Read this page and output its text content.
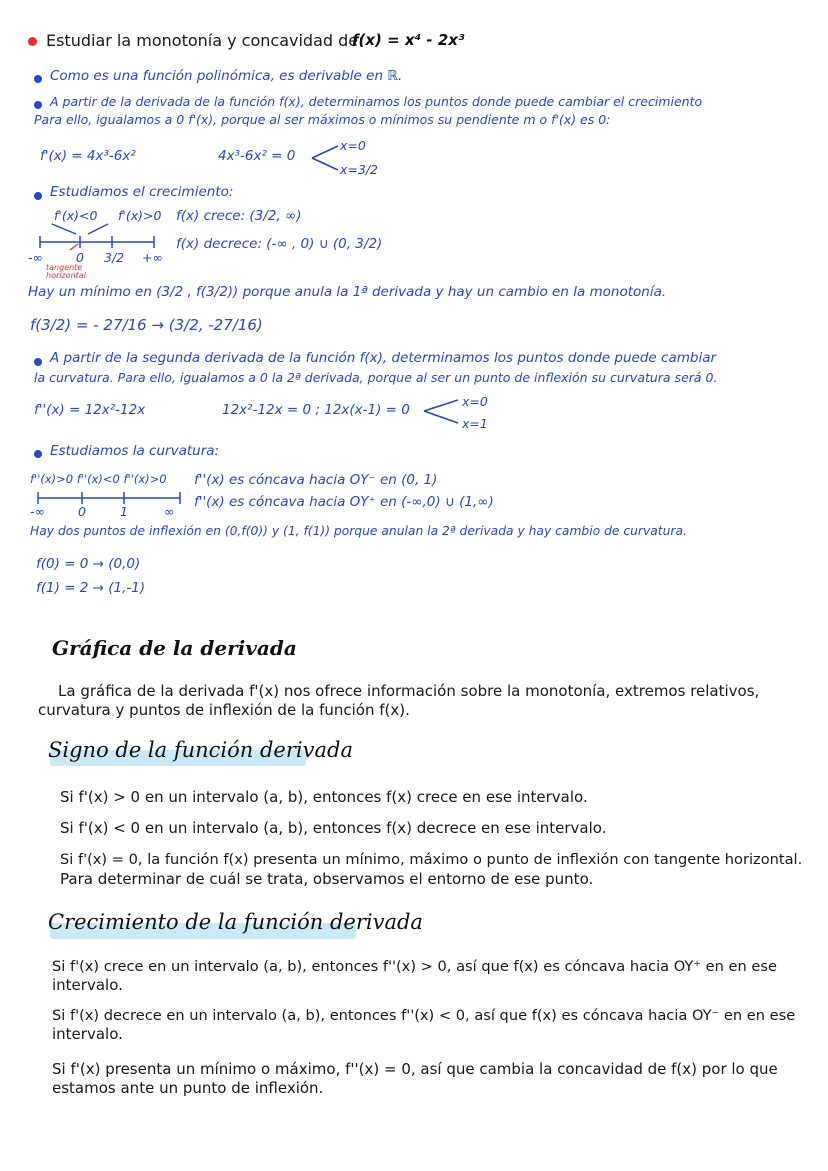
Estudiar la monotonía y concavidad de:
f(x) = x⁴ - 2x³
Como es una función polinómica, es derivable en ℝ.
A partir de la derivada de la función f(x), determinamos los puntos donde puede cambiar el crecimiento
Para ello, igualamos a 0 f'(x), porque al ser máximos o mínimos su pendiente m o f'(x) es 0:
f'(x) = 4x³-6x²	4x³-6x² = 0
x=0
x=3/2
Estudiamos el crecimiento:
f'(x)<0 f'(x)>0 f(x) crece: (3/2, ∞)
f(x) decrece: (-∞ , 0) ∪ (0, 3/2)
-∞	0 3/2 +∞
tangente horizontal
Hay un mínimo en (3/2 , f(3/2)) porque anula la 1ª derivada y hay un cambio en la monotonía.
f(3/2) = - 27/16 → (3/2, -27/16)
A partir de la segunda derivada de la función f(x), determinamos los puntos donde puede cambiar
la curvatura. Para ello, igualamos a 0 la 2ª derivada, porque al ser un punto de inflexión su curvatura será 0.
f''(x) = 12x²-12x	12x²-12x = 0 ; 12x(x-1) = 0
x=0
x=1
Estudiamos la curvatura:
f''(x)>0 f''(x)<0 f''(x)>0
-∞	0	1	∞
f''(x) es cóncava hacia OY⁻ en (0, 1)
f''(x) es cóncava hacia OY⁺ en (-∞,0) ∪ (1,∞)
Hay dos puntos de inflexión en (0,f(0)) y (1, f(1)) porque anulan la 2ª derivada y hay cambio de curvatura.
f(0) = 0 → (0,0)
f(1) = 2 → (1,-1)
Gráfica de la derivada
La gráfica de la derivada f'(x) nos ofrece información sobre la monotonía, extremos relativos,
curvatura y puntos de inflexión de la función f(x).
Signo de la función derivada
Si f'(x) > 0 en un intervalo (a, b), entonces f(x) crece en ese intervalo.
Si f'(x) < 0 en un intervalo (a, b), entonces f(x) decrece en ese intervalo.
Si f'(x) = 0, la función f(x) presenta un mínimo, máximo o punto de inflexión con tangente horizontal.
Para determinar de cuál se trata, observamos el entorno de ese punto.
Crecimiento de la función derivada
Si f'(x) crece en un intervalo (a, b), entonces f''(x) > 0, así que f(x) es cóncava hacia OY⁺ en en ese
intervalo.
Si f'(x) decrece en un intervalo (a, b), entonces f''(x) < 0, así que f(x) es cóncava hacia OY⁻ en en ese
intervalo.
Si f'(x) presenta un mínimo o máximo, f''(x) = 0, así que cambia la concavidad de f(x) por lo que
estamos ante un punto de inflexión.
